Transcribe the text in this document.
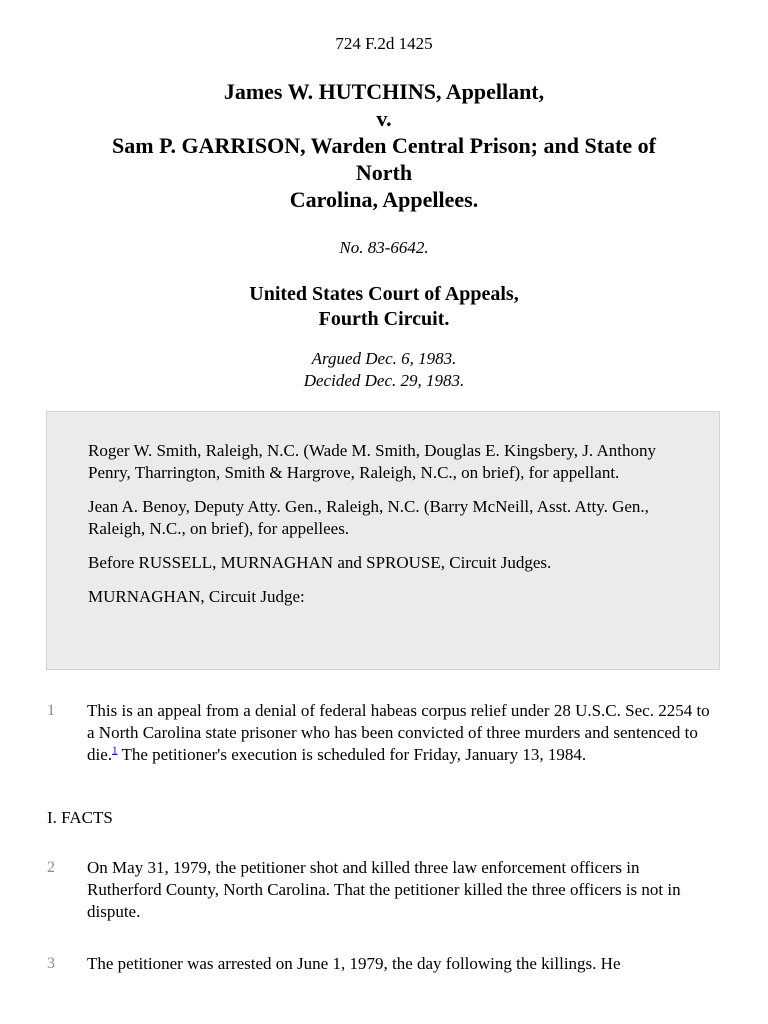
724 F.2d 1425
James W. HUTCHINS, Appellant,
v.
Sam P. GARRISON, Warden Central Prison; and State of
North
Carolina, Appellees.
No. 83-6642.
United States Court of Appeals,
Fourth Circuit.
Argued Dec. 6, 1983.
Decided Dec. 29, 1983.

Roger W. Smith, Raleigh, N.C. (Wade M. Smith, Douglas E. Kingsbery, J. Anthony Penry, Tharrington, Smith & Hargrove, Raleigh, N.C., on brief), for appellant.

Jean A. Benoy, Deputy Atty. Gen., Raleigh, N.C. (Barry McNeill, Asst. Atty. Gen., Raleigh, N.C., on brief), for appellees.

Before RUSSELL, MURNAGHAN and SPROUSE, Circuit Judges.

MURNAGHAN, Circuit Judge:

1 This is an appeal from a denial of federal habeas corpus relief under 28 U.S.C. Sec. 2254 to a North Carolina state prisoner who has been convicted of three murders and sentenced to die.$^1$ The petitioner's execution is scheduled for Friday, January 13, 1984.
I. FACTS
2 On May 31, 1979, the petitioner shot and killed three law enforcement officers in Rutherford County, North Carolina. That the petitioner killed the three officers is not in dispute.
3 The petitioner was arrested on June 1, 1979, the day following the killings. He
